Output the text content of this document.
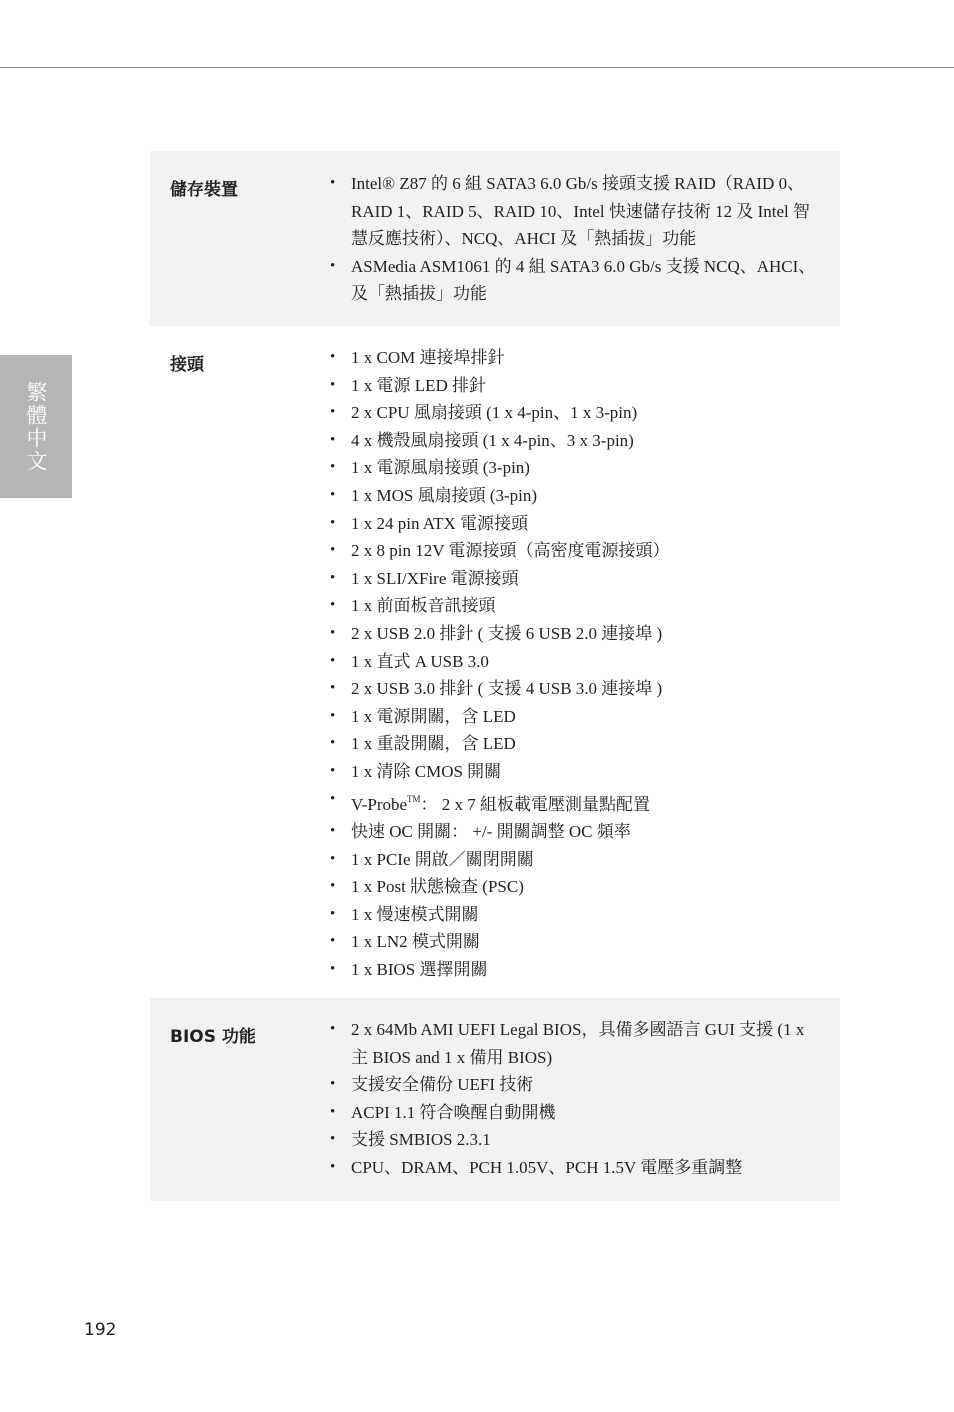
繁體中文
儲存裝置	• Intel® Z87 的 6 組 SATA3 6.0 Gb/s 接頭支援 RAID（RAID 0、RAID 1、RAID 5、RAID 10、Intel 快速儲存技術 12 及 Intel 智慧反應技術）、NCQ、AHCI 及「熱插拔」功能
• ASMedia ASM1061 的 4 組 SATA3 6.0 Gb/s 支援 NCQ、AHCI、及「熱插拔」功能
接頭	• 1 x COM 連接埠排針
• 1 x 電源 LED 排針
• 2 x CPU 風扇接頭 (1 x 4-pin、1 x 3-pin)
• 4 x 機殼風扇接頭 (1 x 4-pin、3 x 3-pin)
• 1 x 電源風扇接頭 (3-pin)
• 1 x MOS 風扇接頭 (3-pin)
• 1 x 24 pin ATX 電源接頭
• 2 x 8 pin 12V 電源接頭（高密度電源接頭）
• 1 x SLI/XFire 電源接頭
• 1 x 前面板音訊接頭
• 2 x USB 2.0 排針 ( 支援 6 USB 2.0 連接埠 )
• 1 x 直式 A USB 3.0
• 2 x USB 3.0 排針 ( 支援 4 USB 3.0 連接埠 )
• 1 x 電源開關，含 LED
• 1 x 重設開關，含 LED
• 1 x 清除 CMOS 開關
• V-Probe™： 2 x 7 組板載電壓測量點配置
• 快速 OC 開關： +/- 開關調整 OC 頻率
• 1 x PCIe 開啟／關閉開關
• 1 x Post 狀態檢查 (PSC)
• 1 x 慢速模式開關
• 1 x LN2 模式開關
• 1 x BIOS 選擇開關
BIOS 功能	• 2 x 64Mb AMI UEFI Legal BIOS，具備多國語言 GUI 支援 (1 x 主 BIOS and 1 x 備用 BIOS)
• 支援安全備份 UEFI 技術
• ACPI 1.1 符合喚醒自動開機
• 支援 SMBIOS 2.3.1
• CPU、DRAM、PCH 1.05V、PCH 1.5V 電壓多重調整
192
